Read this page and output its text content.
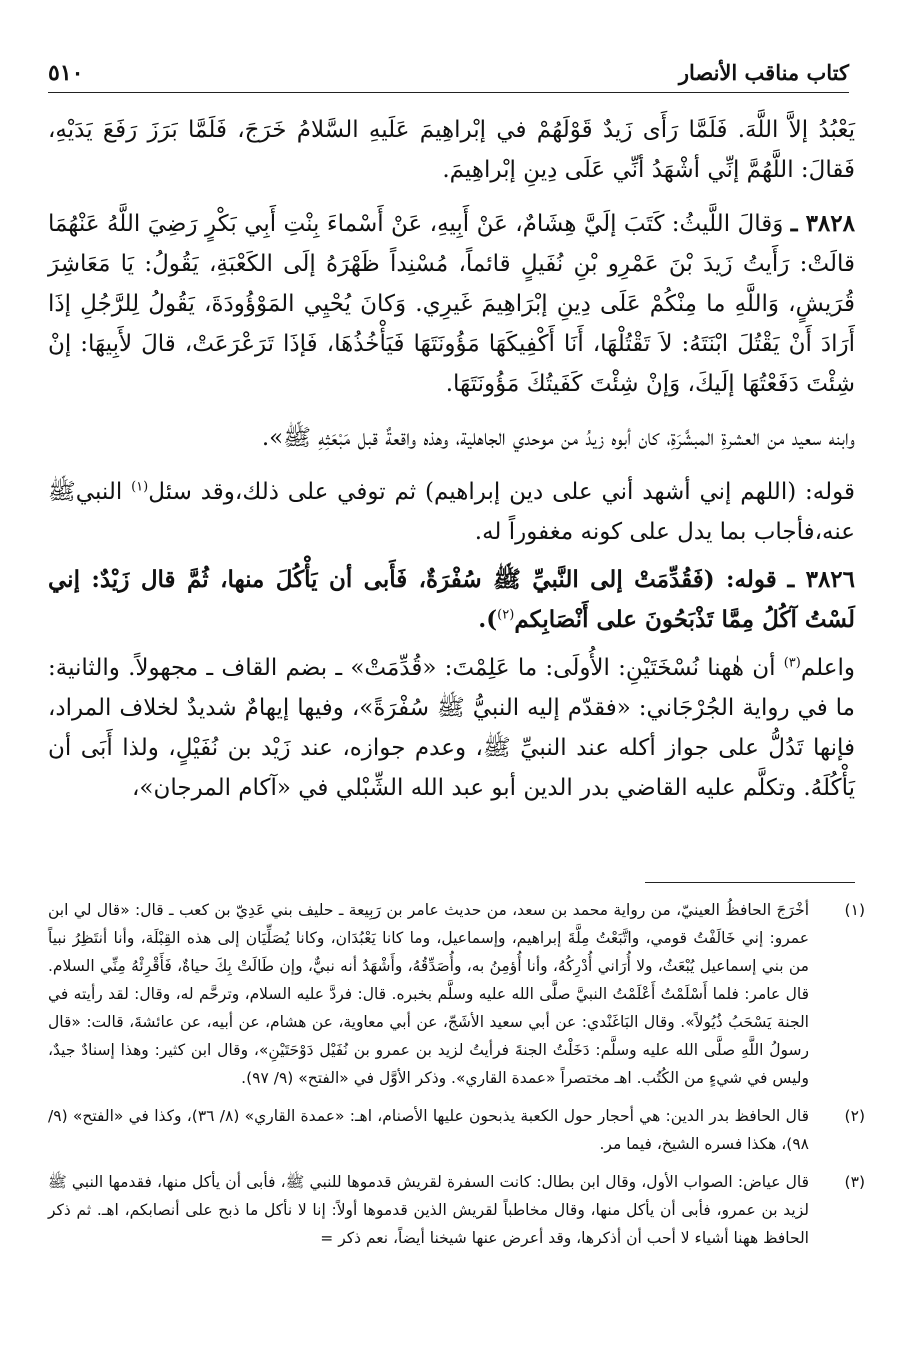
كتاب مناقب الأنصار
٥١٠

يَعْبُدُ إلاَّ اللَّهَ. فَلَمَّا رَأَى زَيدٌ قَوْلَهُمْ في إبْراهِيمَ عَلَيهِ السَّلامُ خَرَجَ، فَلَمَّا بَرَزَ رَفَعَ يَدَيْهِ، فَقالَ: اللَّهُمَّ إنِّي أشْهَدُ أنِّي عَلَى دِينِ إبْراهِيمَ.

٣٨٢٨ ـ وَقالَ اللَّيثُ: كَتَبَ إلَيَّ هِشَامٌ، عَنْ أَبِيهِ، عَنْ أَسْماءَ بِنْتِ أَبِي بَكْرٍ رَضِيَ اللَّهُ عَنْهُمَا قالَتْ: رَأَيتُ زَيدَ بْنَ عَمْرِو بْنِ نُفَيلٍ قائماً، مُسْنِداً ظَهْرَهُ إلَى الكَعْبَةِ، يَقُولُ: يَا مَعَاشِرَ قُرَيشٍ، وَاللَّهِ ما مِنْكُمْ عَلَى دِينِ إبْرَاهِيمَ غَيرِي. وَكانَ يُحْيِي المَوْؤُودَةَ، يَقُولُ لِلرَّجُلِ إذَا أَرَادَ أَنْ يَقْتُلَ ابْنَتَهُ: لاَ تَقْتُلْهَا، أَنَا أَكْفِيكَهَا مَؤُونَتَهَا فَيَأْخُذُهَا، فَإذَا تَرَعْرَعَتْ، قالَ لأَبِيهَا: إنْ شِئْتَ دَفَعْتُهَا إلَيكَ، وَإنْ شِئْتَ كَفَيتُكَ مَؤُونَتَهَا.

وابنه سعيد من العشرةِ المبشَّرَةِ، كان أبوه زيدُ من موحدي الجاهلية، وهذه واقعةٌ قبل مَبْعَثِهِ ﷺ».

قوله: (اللهم إني أشهد أني على دين إبراهيم) ثم توفي على ذلك،وقد سئل$^{(١)}$ النبيﷺ عنه،فأجاب بما يدل على كونه مغفوراً له.

٣٨٢٦ ـ قوله: (فَقُدِّمَتْ إلى النَّبيِّ ﷺ سُفْرَةٌ، فَأَبى أن يَأْكُلَ منها، ثُمَّ قال زَيْدٌ: إني لَسْتُ آكُلُ مِمَّا تَذْبَحُونَ على أَنْصَابِكم$^{(٢)}$).

واعلم$^{(٣)}$ أن هٰهنا نُسْخَتَيْنِ: الأُولَى: ما عَلِمْتَ: «قُدِّمَتْ» ـ بضم القاف ـ مجهولاً. والثانية: ما في رواية الجُرْجَاني: «فقدّم إليه النبيُّ ﷺ سُفْرَةً»، وفيها إيهامٌ شديدٌ لخلاف المراد، فإنها تَدُلُّ على جواز أكله عند النبيِّ ﷺ، وعدم جوازه، عند زَيْد بن نُفَيْلٍ، ولذا أَبَى أن يَأْكُلَهُ. وتكلَّم عليه القاضي بدر الدين أبو عبد الله الشِّبْلي في «آكام المرجان»،

(١)
أخْرَجَ الحافظُ العينيّ، من رواية محمد بن سعد، من حديث عامر بن رَبِيعة ـ حليف بني عَدِيّ بن كعب ـ قال: «قال لي ابن عمرو: إني خَالَفْتُ قومي، واتَّبَعْتُ مِلَّةَ إبراهيم، وإسماعيل، وما كانا يَعْبُدَان، وكانا يُصَلِّيَان إلى هذه القِبْلَة، وأنا أنتَظِرُ نبياً من بني إسماعيل يُبْعَثُ، ولا أُرَاني أُدْرِكُهُ، وأنا أُؤمِنُ به، وأُصَدِّقُهُ، وأَشْهَدُ أنه نبيٌّ، وإن طَالَتْ بِكَ حياةٌ، فَأَقْرِئْهُ مِنِّي السلام. قال عامر: فلما أَسْلَمْتُ أَعْلَمْتُ النبيَّ صلَّى الله عليه وسلَّم بخبره. قال: فردَّ عليه السلام، وترحَّم له، وقال: لقد رأيته في الجنة يَسْحَبُ ذُيُولاً». وقال البَاغَنْدي: عن أبي سعيد الأشَجّ، عن أبي معاوية، عن هشام، عن أبيه، عن عائشةَ، قالت: «قال رسولُ اللَّهِ صلَّى الله عليه وسلَّم: دَخَلْتُ الجنةَ فرأيتُ لزيد بن عمرو بن نُفَيْل دَوْحَتَيْنِ»، وقال ابن كثير: وهذا إسنادٌ جيدٌ، وليس في شيءٍ من الكُتُب. اهـ مختصراً «عمدة القاري». وذكر الأوَّل في «الفتح» (٩/ ٩٧).
(٢)
قال الحافظ بدر الدين: هي أحجار حول الكعبة يذبحون عليها الأصنام، اهـ: «عمدة القاري» (٨/ ٣٦)، وكذا في «الفتح» (٩/ ٩٨)، هكذا فسره الشيخ، فيما مر.
(٣)
قال عياض: الصواب الأول، وقال ابن بطال: كانت السفرة لقريش قدموها للنبي ﷺ، فأبى أن يأكل منها، فقدمها النبي ﷺ لزيد بن عمرو، فأبى أن يأكل منها، وقال مخاطباً لقريش الذين قدموها أولاً: إنا لا نأكل ما ذبح على أنصابكم، اهـ. ثم ذكر الحافظ ههنا أشياء لا أحب أن أذكرها، وقد أعرض عنها شيخنا أيضاً، نعم ذكر =
